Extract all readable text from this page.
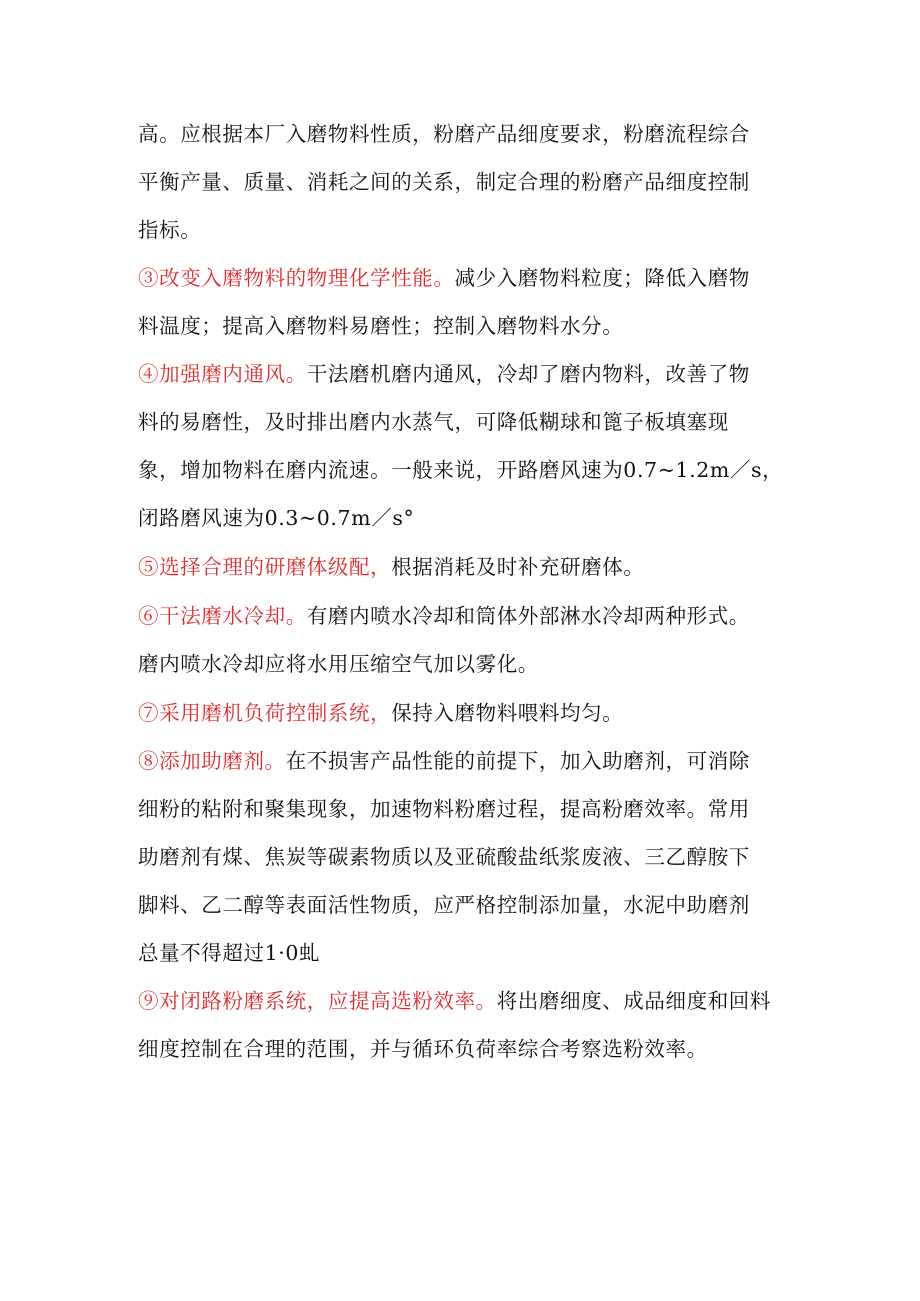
高。应根据本厂入磨物料性质，粉磨产品细度要求，粉磨流程综合
平衡产量、质量、消耗之间的关系，制定合理的粉磨产品细度控制
指标。
③改变入磨物料的物理化学性能。减少入磨物料粒度；降低入磨物
料温度；提高入磨物料易磨性；控制入磨物料水分。
④加强磨内通风。干法磨机磨内通风，冷却了磨内物料，改善了物
料的易磨性，及时排出磨内水蒸气，可降低糊球和篦子板填塞现
象，增加物料在磨内流速。一般来说，开路磨风速为0.7~1.2m／s，
闭路磨风速为0.3~0.7m／s°
⑤选择合理的研磨体级配，根据消耗及时补充研磨体。
⑥干法磨水冷却。有磨内喷水冷却和筒体外部淋水冷却两种形式。
磨内喷水冷却应将水用压缩空气加以雾化。
⑦采用磨机负荷控制系统，保持入磨物料喂料均匀。
⑧添加助磨剂。在不损害产品性能的前提下，加入助磨剂，可消除
细粉的粘附和聚集现象，加速物料粉磨过程，提高粉磨效率。常用
助磨剂有煤、焦炭等碳素物质以及亚硫酸盐纸浆废液、三乙醇胺下
脚料、乙二醇等表面活性物质，应严格控制添加量，水泥中助磨剂
总量不得超过1·0虬
⑨对闭路粉磨系统，应提高选粉效率。将出磨细度、成品细度和回料
细度控制在合理的范围，并与循环负荷率综合考察选粉效率。
